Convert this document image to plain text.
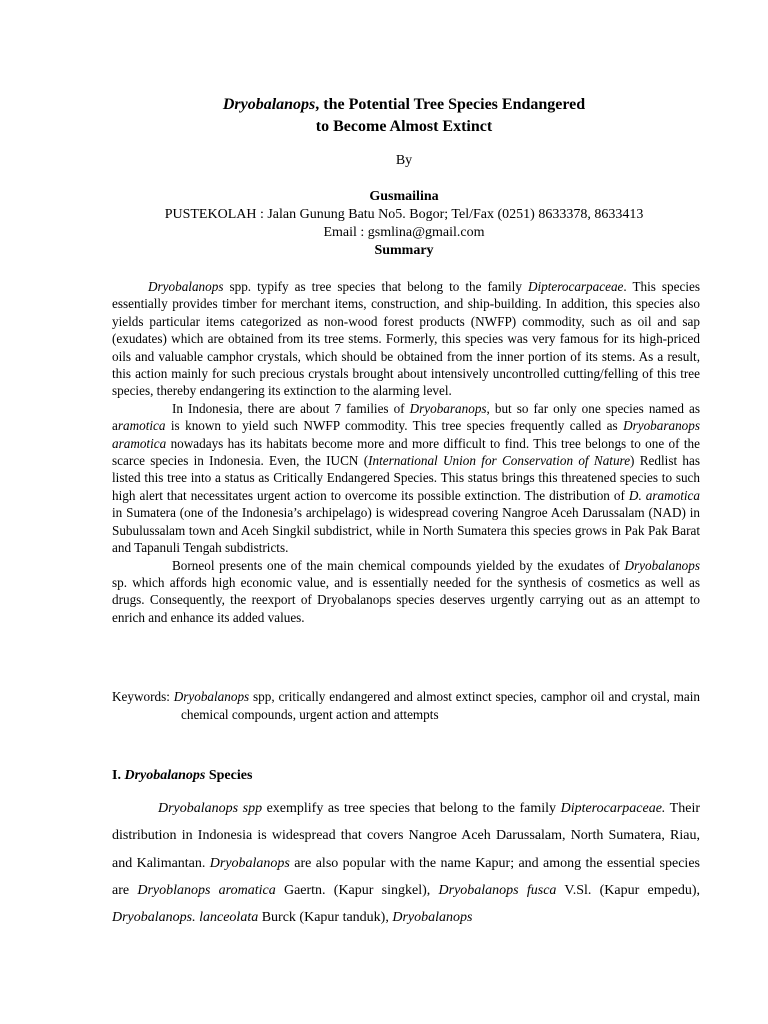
Dryobalanops, the Potential Tree Species Endangered
to Become Almost Extinct
By
Gusmailina
PUSTEKOLAH : Jalan Gunung Batu No5. Bogor; Tel/Fax (0251) 8633378, 8633413
Email : gsmlina@gmail.com
Summary

Dryobalanops spp. typify as tree species that belong to the family Dipterocarpaceae. This species essentially provides timber for merchant items, construction, and ship-building. In addition, this species also yields particular items categorized as non-wood forest products (NWFP) commodity, such as oil and sap (exudates) which are obtained from its tree stems. Formerly, this species was very famous for its high-priced oils and valuable camphor crystals, which should be obtained from the inner portion of its stems. As a result, this action mainly for such precious crystals brought about intensively uncontrolled cutting/felling of this tree species, thereby endangering its extinction to the alarming level.

In Indonesia, there are about 7 families of Dryobaranops, but so far only one species named as aramotica is known to yield such NWFP commodity. This tree species frequently called as Dryobaranops aramotica nowadays has its habitats become more and more difficult to find. This tree belongs to one of the scarce species in Indonesia. Even, the IUCN (International Union for Conservation of Nature) Redlist has listed this tree into a status as Critically Endangered Species. This status brings this threatened species to such high alert that necessitates urgent action to overcome its possible extinction. The distribution of D. aramotica in Sumatera (one of the Indonesia’s archipelago) is widespread covering Nangroe Aceh Darussalam (NAD) in Subulussalam town and Aceh Singkil subdistrict, while in North Sumatera this species grows in Pak Pak Barat and Tapanuli Tengah subdistricts.

Borneol presents one of the main chemical compounds yielded by the exudates of Dryobalanops sp. which affords high economic value, and is essentially needed for the synthesis of cosmetics as well as drugs. Consequently, the reexport of Dryobalanops species deserves urgently carrying out as an attempt to enrich and enhance its added values.

Keywords: Dryobalanops spp, critically endangered and almost extinct species, camphor oil and crystal, main chemical compounds, urgent action and attempts
I. Dryobalanops Species

Dryobalanops spp exemplify as tree species that belong to the family Dipterocarpaceae. Their distribution in Indonesia is widespread that covers Nangroe Aceh Darussalam, North Sumatera, Riau, and Kalimantan. Dryobalanops are also popular with the name Kapur; and among the essential species are Dryoblanops aromatica Gaertn. (Kapur singkel), Dryobalanops fusca V.Sl. (Kapur empedu), Dryobalanops. lanceolata Burck (Kapur tanduk), Dryobalanops
